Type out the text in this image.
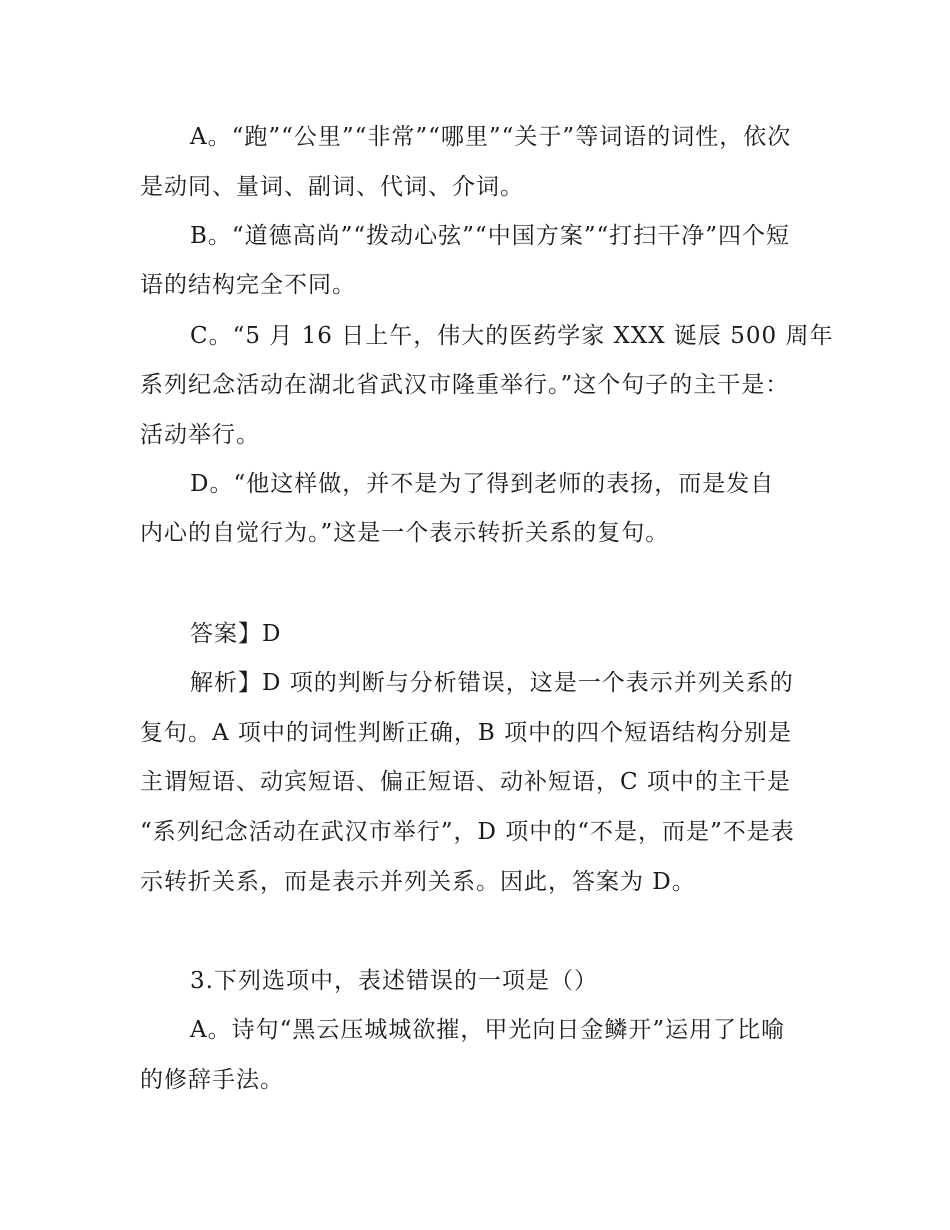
A。“跑”“公里”“非常”“哪里”“关于”等词语的词性，依次
是动同、量词、副词、代词、介词。
B。“道德高尚”“拨动心弦”“中国方案”“打扫干净”四个短
语的结构完全不同。
C。“5 月 16 日上午，伟大的医药学家 XXX 诞辰 500 周年
系列纪念活动在湖北省武汉市隆重举行。”这个句子的主干是：
活动举行。
D。“他这样做，并不是为了得到老师的表扬，而是发自
内心的自觉行为。”这是一个表示转折关系的复句。
答案】D
解析】D 项的判断与分析错误，这是一个表示并列关系的
复句。A 项中的词性判断正确，B 项中的四个短语结构分别是
主谓短语、动宾短语、偏正短语、动补短语，C 项中的主干是
“系列纪念活动在武汉市举行”，D 项中的“不是，而是”不是表
示转折关系，而是表示并列关系。因此，答案为 D。
3.下列选项中，表述错误的一项是（）
A。诗句“黑云压城城欲摧，甲光向日金鳞开”运用了比喻
的修辞手法。
